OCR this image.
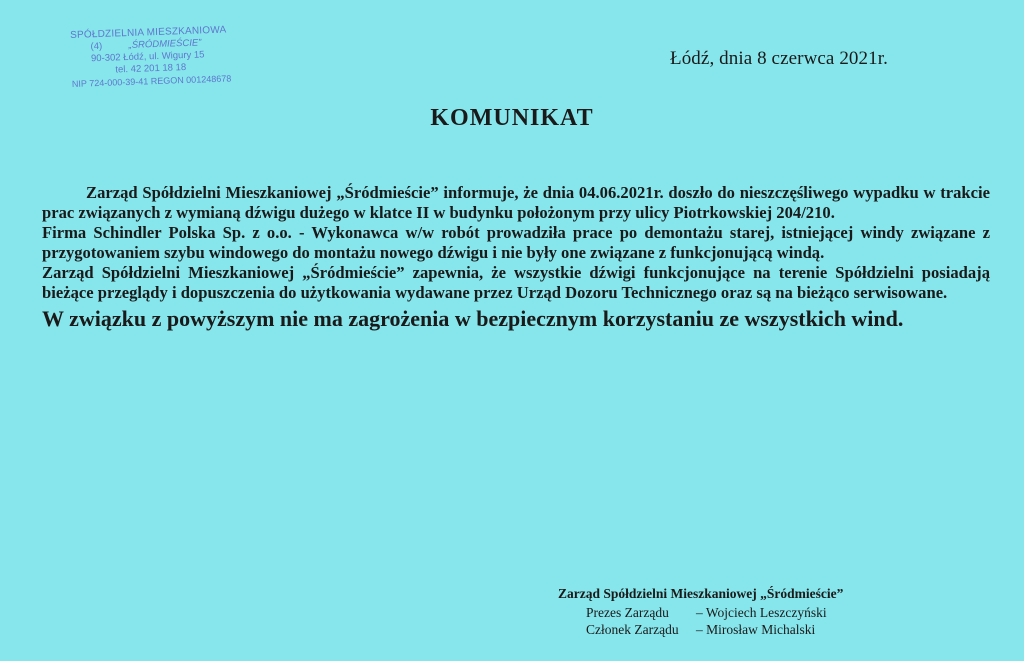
SPÓŁDZIELNIA MIESZKANIOWA
(4)	„ŚRÓDMIEŚCIE”
90-302 Łódź, ul. Wigury 15
tel. 42 201 18 18
NIP 724-000-39-41 REGON 001248678
Łódź, dnia 8 czerwca 2021r.
KOMUNIKAT

Zarząd Spółdzielni Mieszkaniowej „Śródmieście” informuje, że dnia 04.06.2021r. doszło do nieszczęśliwego wypadku w trakcie prac związanych z wymianą dźwigu dużego w klatce II w budynku położonym przy ulicy Piotrkowskiej 204/210.

Firma Schindler Polska Sp. z o.o. - Wykonawca w/w robót prowadziła prace po demontażu starej, istniejącej windy związane z przygotowaniem szybu windowego do montażu nowego dźwigu i nie były one związane z funkcjonującą windą.

Zarząd Spółdzielni Mieszkaniowej „Śródmieście” zapewnia, że wszystkie dźwigi funkcjonujące na terenie Spółdzielni posiadają bieżące przeglądy i dopuszczenia do użytkowania wydawane przez Urząd Dozoru Technicznego oraz są na bieżąco serwisowane.

W związku z powyższym nie ma zagrożenia w bezpiecznym korzystaniu ze wszystkich wind.

Zarząd Spółdzielni Mieszkaniowej „Śródmieście”
Prezes Zarządu – Wojciech Leszczyński
Członek Zarządu – Mirosław Michalski
